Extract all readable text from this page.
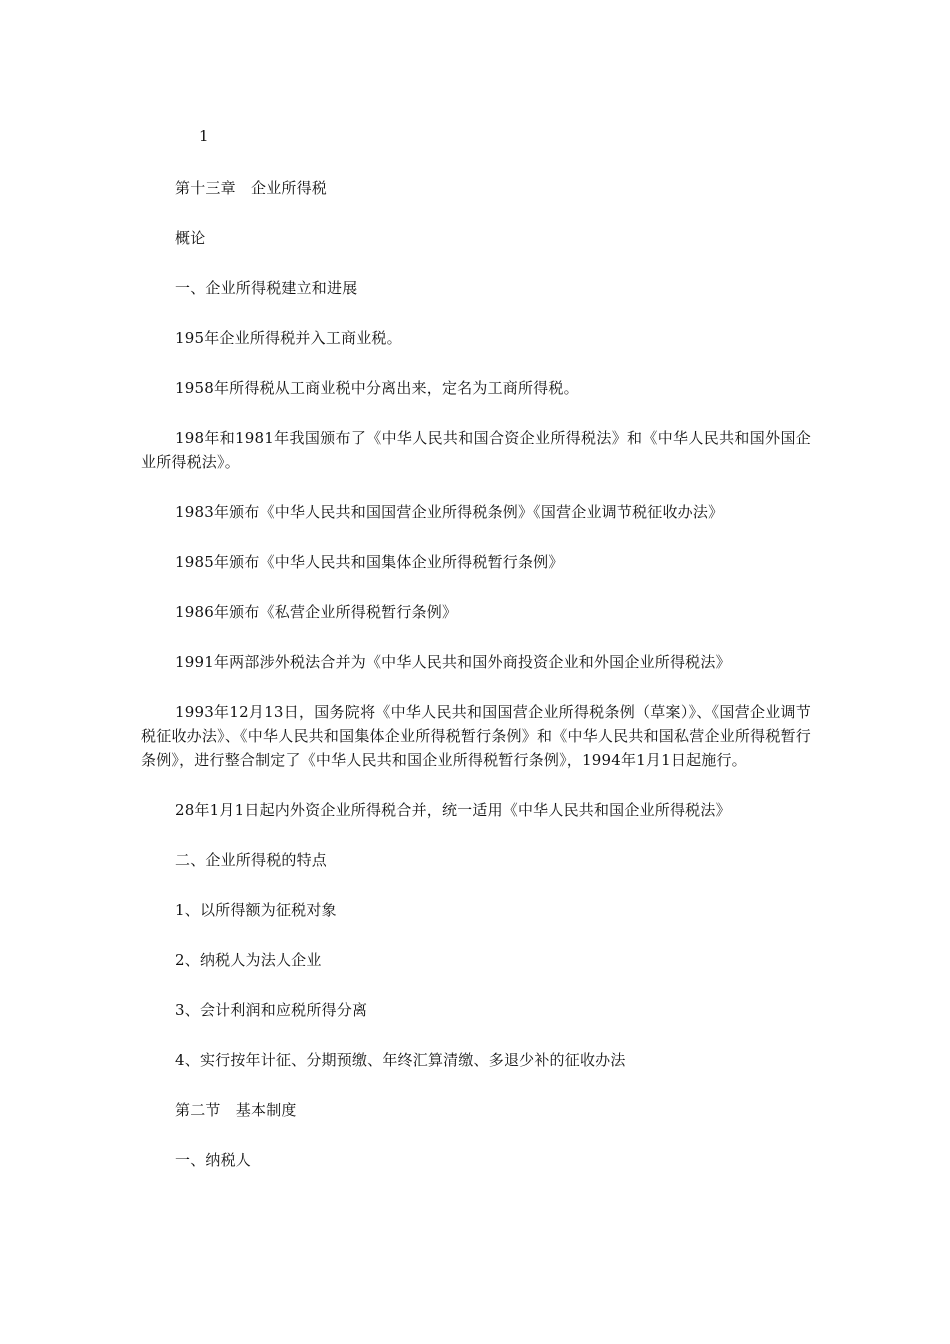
1

第十三章　企业所得税

概论

一、企业所得税建立和进展

195年企业所得税并入工商业税。

1958年所得税从工商业税中分离出来，定名为工商所得税。

198年和1981年我国颁布了《中华人民共和国合资企业所得税法》和《中华人民共和国外国企业所得税法》。

1983年颁布《中华人民共和国国营企业所得税条例》《国营企业调节税征收办法》

1985年颁布《中华人民共和国集体企业所得税暂行条例》

1986年颁布《私营企业所得税暂行条例》

1991年两部涉外税法合并为《中华人民共和国外商投资企业和外国企业所得税法》

1993年12月13日，国务院将《中华人民共和国国营企业所得税条例（草案）》、《国营企业调节税征收办法》、《中华人民共和国集体企业所得税暂行条例》和《中华人民共和国私营企业所得税暂行条例》，进行整合制定了《中华人民共和国企业所得税暂行条例》，1994年1月1日起施行。

28年1月1日起内外资企业所得税合并，统一适用《中华人民共和国企业所得税法》

二、企业所得税的特点

1、以所得额为征税对象

2、纳税人为法人企业

3、会计利润和应税所得分离

4、实行按年计征、分期预缴、年终汇算清缴、多退少补的征收办法

第二节　基本制度

一、纳税人
